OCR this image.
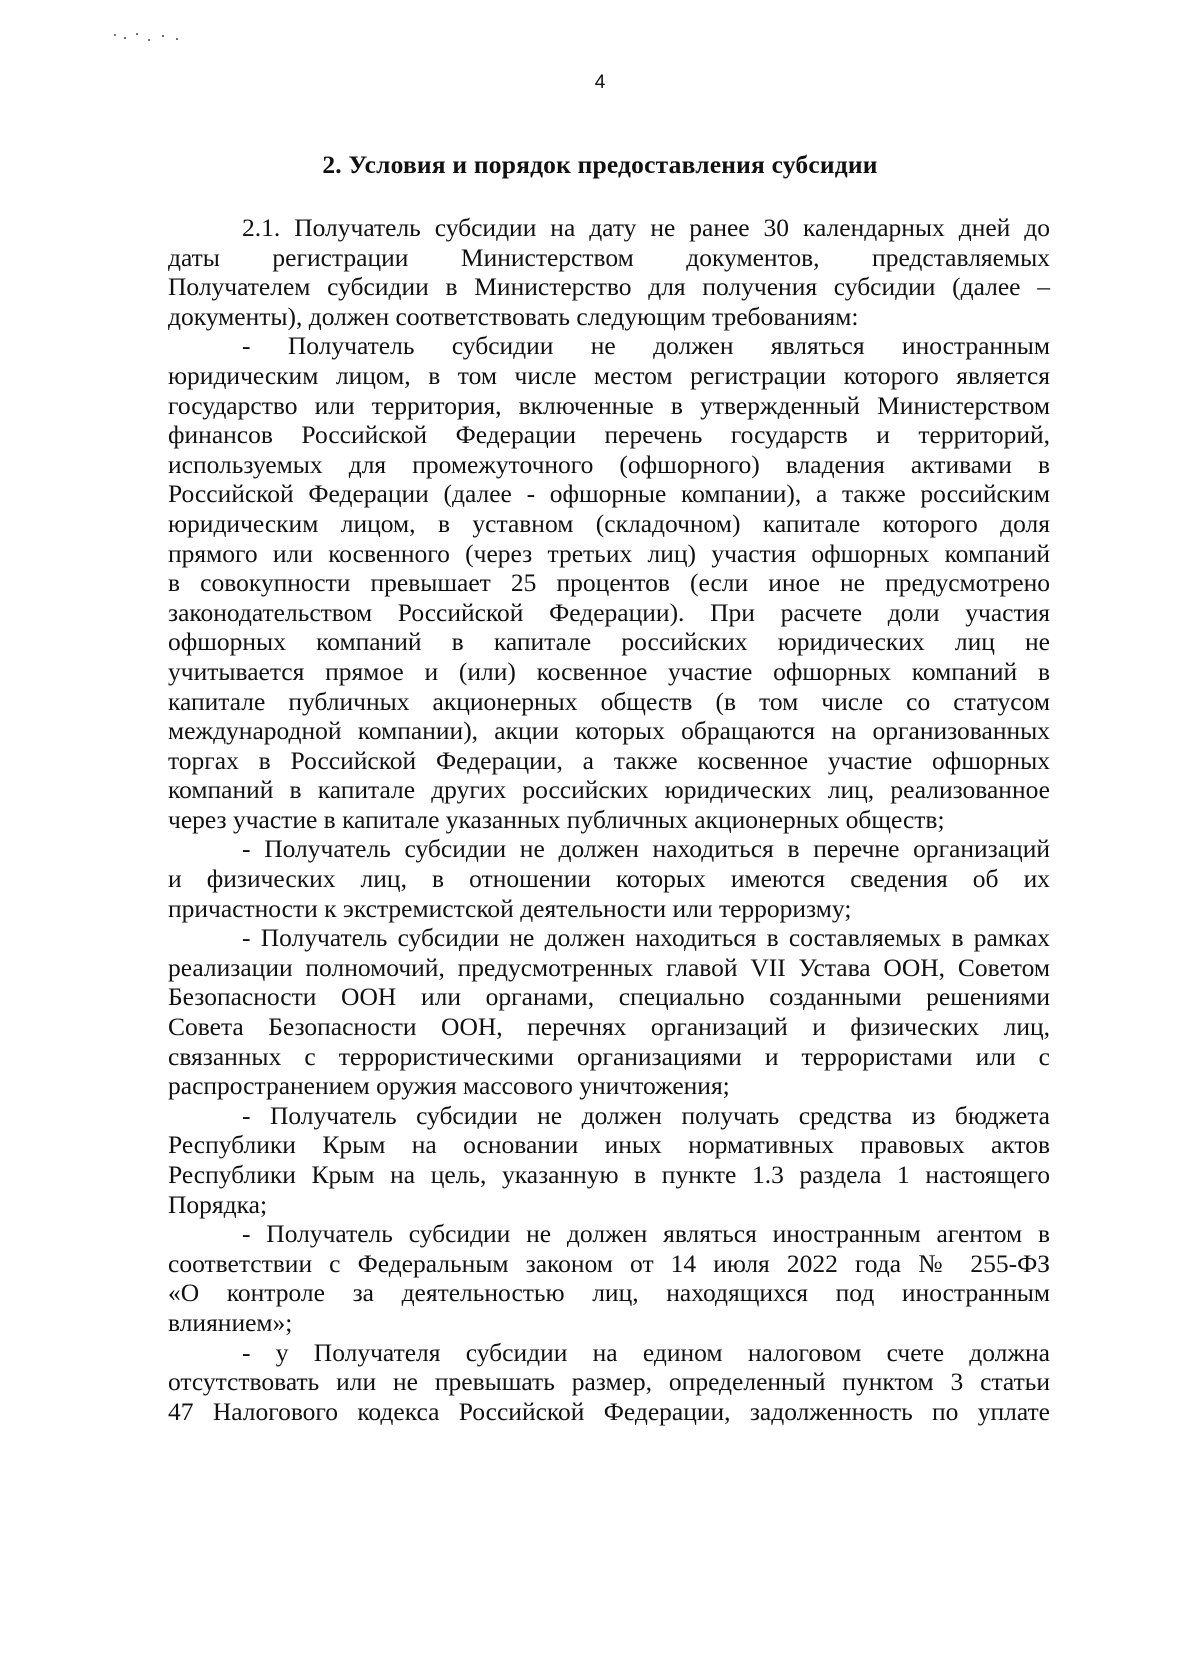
4
2. Условия и порядок предоставления субсидии
2.1. Получатель субсидии на дату не ранее 30 календарных дней до
даты регистрации Министерством документов, представляемых
Получателем субсидии в Министерство для получения субсидии (далее –
документы), должен соответствовать следующим требованиям:
- Получатель субсидии не должен являться иностранным
юридическим лицом, в том числе местом регистрации которого является
государство или территория, включенные в утвержденный Министерством
финансов Российской Федерации перечень государств и территорий,
используемых для промежуточного (офшорного) владения активами в
Российской Федерации (далее - офшорные компании), а также российским
юридическим лицом, в уставном (складочном) капитале которого доля
прямого или косвенного (через третьих лиц) участия офшорных компаний
в совокупности превышает 25 процентов (если иное не предусмотрено
законодательством Российской Федерации). При расчете доли участия
офшорных компаний в капитале российских юридических лиц не
учитывается прямое и (или) косвенное участие офшорных компаний в
капитале публичных акционерных обществ (в том числе со статусом
международной компании), акции которых обращаются на организованных
торгах в Российской Федерации, а также косвенное участие офшорных
компаний в капитале других российских юридических лиц, реализованное
через участие в капитале указанных публичных акционерных обществ;
- Получатель субсидии не должен находиться в перечне организаций
и физических лиц, в отношении которых имеются сведения об их
причастности к экстремистской деятельности или терроризму;
- Получатель субсидии не должен находиться в составляемых в рамках
реализации полномочий, предусмотренных главой VII Устава ООН, Советом
Безопасности ООН или органами, специально созданными решениями
Совета Безопасности ООН, перечнях организаций и физических лиц,
связанных с террористическими организациями и террористами или с
распространением оружия массового уничтожения;
- Получатель субсидии не должен получать средства из бюджета
Республики Крым на основании иных нормативных правовых актов
Республики Крым на цель, указанную в пункте 1.3 раздела 1 настоящего
Порядка;
- Получатель субсидии не должен являться иностранным агентом в
соответствии с Федеральным законом от 14 июля 2022 года № 255-ФЗ
«О контроле за деятельностью лиц, находящихся под иностранным
влиянием»;
- у Получателя субсидии на едином налоговом счете должна
отсутствовать или не превышать размер, определенный пунктом 3 статьи
47 Налогового кодекса Российской Федерации, задолженность по уплате
